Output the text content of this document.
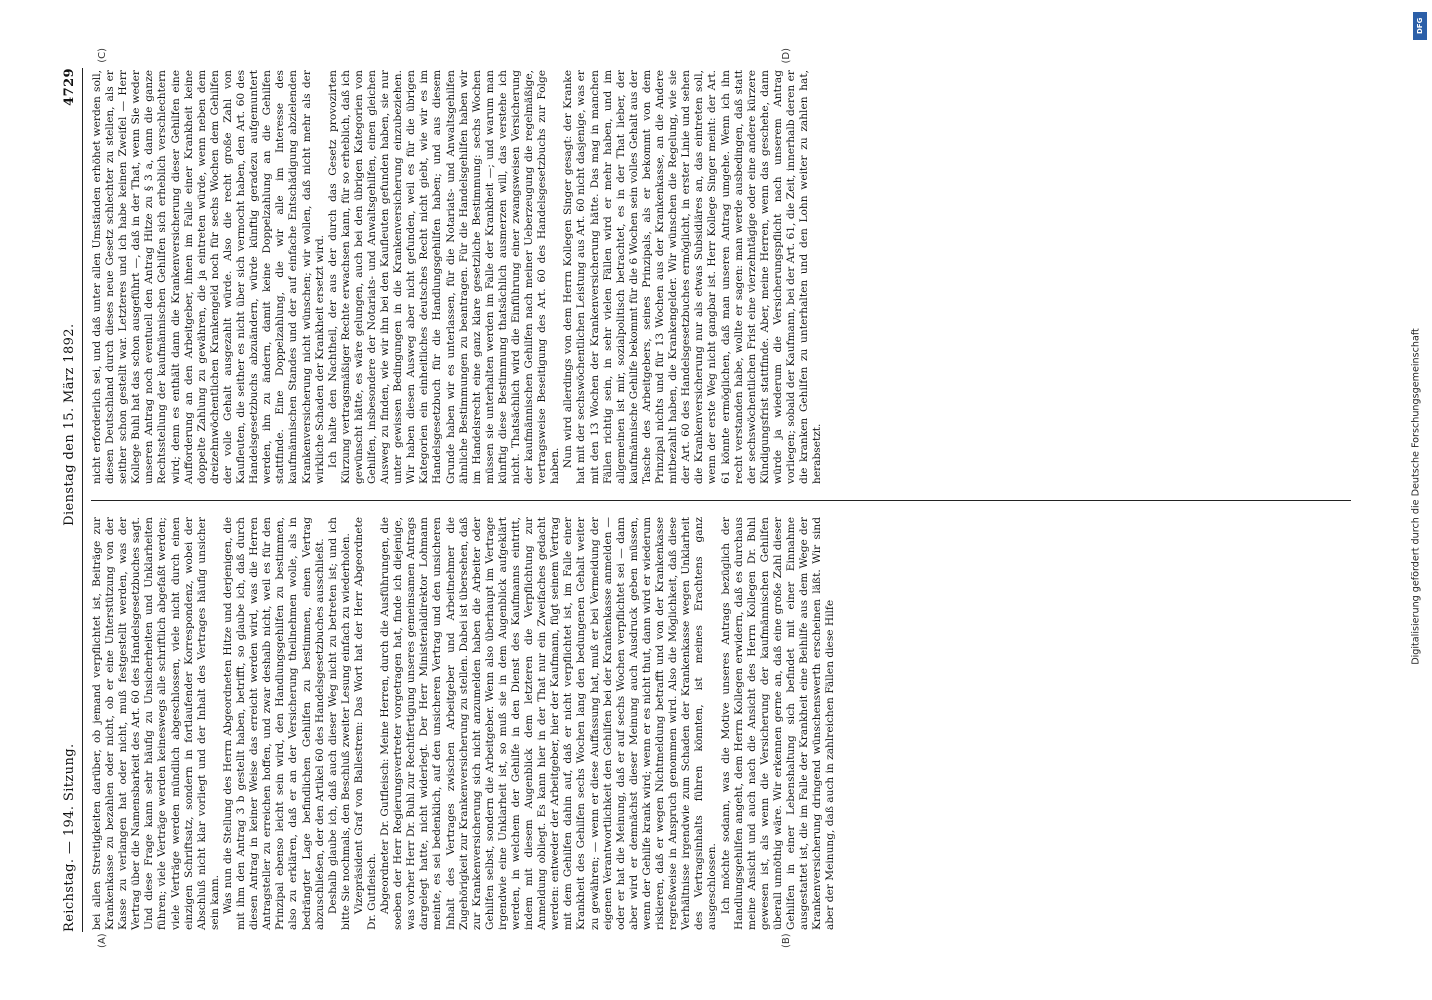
Reichstag. — 194. Sitzung.
Dienstag den 15. März 1892.
4729
(A)	(B)
(C)	(D)

bei allen Streitigkeiten darüber, ob jemand verpflichtet ist, Beiträge zur Krankenkasse zu bezahlen oder nicht, ob er eine Unterstützung von der Kasse zu verlangen hat oder nicht, muß festgestellt werden, was der Vertrag über die Namensbarkeit des Art. 60 des Handelsgesetzbuches sagt. Und diese Frage kann sehr häufig zu Unsicherheiten und Unklarheiten führen; viele Verträge werden keineswegs alle schriftlich abgefaßt werden; viele Verträge werden mündlich abgeschlossen, viele nicht durch einen einzigen Schriftsatz, sondern in fortlaufender Korrespondenz, wobei der Abschluß nicht klar vorliegt und der Inhalt des Vertrages häufig unsicher sein kann. Was nun die Stellung des Herrn Abgeordneten Hitze und derjenigen, die mit ihm den Antrag 3 b gestellt haben, betrifft, so glaube ich, daß durch diesen Antrag in keiner Weise das erreicht werden wird, was die Herren Antragsteller zu erreichen hoffen, und zwar deshalb nicht, weil es für den Prinzipal ebenso leicht sein wird, den Handlungsgehilfen zu bestimmen, also zu erklären, daß er an der Versicherung theilnehmen wolle, als in bedrängter Lage befindlichen Gehilfen zu bestimmen, einen Vertrag abzuschließen, der den Artikel 60 des Handelsgesetzbuches ausschließt. Deshalb glaube ich, daß auch dieser Weg nicht zu betreten ist; und ich bitte Sie nochmals, den Beschluß zweiter Lesung einfach zu wiederholen. Vizepräsident Graf von Ballestrem: Das Wort hat der Herr Abgeordnete Dr. Gutfleisch. Abgeordneter Dr. Gutfleisch: Meine Herren, durch die Ausführungen, die soeben der Herr Regierungsvertreter vorgetragen hat, finde ich diejenige, was vorher Herr Dr. Buhl zur Rechtfertigung unseres gemeinsamen Antrags dargelegt hatte, nicht widerlegt. Der Herr Ministerialdirektor Lohmann meinte, es sei bedenklich, auf den unsicheren Vertrag und den unsicheren Inhalt des Vertrages zwischen Arbeitgeber und Arbeitnehmer die Zugehörigkeit zur Krankenversicherung zu stellen. Dabei ist übersehen, daß zur Krankenversicherung sich nicht anzumelden haben die Arbeiter oder Gehilfen selbst, sondern die Arbeitgeber. Wenn also überhaupt im Vertrage irgendwie eine Unklarheit ist, so muß sie in dem Augenblick aufgeklärt werden, in welchem der Gehilfe in den Dienst des Kaufmanns eintritt, indem mit diesem Augenblick dem letzteren die Verpflichtung zur Anmeldung obliegt. Es kann hier in der That nur ein Zweifaches gedacht werden: entweder der Arbeitgeber, hier der Kaufmann, fügt seinem Vertrag mit dem Gehilfen dahin auf, daß er nicht verpflichtet ist, im Falle einer Krankheit des Gehilfen sechs Wochen lang den bedungenen Gehalt weiter zu gewähren; — wenn er diese Auffassung hat, muß er bei Vermeidung der eigenen Verantwortlichkeit den Gehilfen bei der Krankenkasse anmelden — oder er hat die Meinung, daß er auf sechs Wochen verpflichtet sei — dann aber wird er demnächst dieser Meinung auch Ausdruck geben müssen, wenn der Gehilfe krank wird; wenn er es nicht thut, dann wird er wiederum riskieren, daß er wegen Nichtmeldung betrafft und von der Krankenkasse regreßweise in Anspruch genommen wird. Also die Möglichkeit, daß diese Verhältnisse irgendwie zum Schaden der Krankenkasse wegen Unklarheit des Vertragsinhalts führen könnten, ist meines Erachtens ganz ausgeschlossen. Ich möchte sodann, was die Motive unseres Antrags bezüglich der Handlungsgehilfen angeht, dem Herrn Kollegen erwidern, daß es durchaus meine Ansicht und auch nach die Ansicht des Herrn Kollegen Dr. Buhl gewesen ist, als wenn die Versicherung der kaufmännischen Gehilfen überall unnöthig wäre. Wir erkennen gerne an, daß eine große Zahl dieser Gehilfen in einer Lebenshaltung sich befindet mit einer Einnahme ausgestattet ist, die im Falle der Krankheit eine Beihilfe aus dem Wege der Krankenversicherung dringend wünschenswerth erscheinen läßt. Wir sind aber der Meinung, daß auch in zahlreichen Fällen diese Hilfe

nicht erforderlich sei, und daß unter allen Umständen erhöhet werden soll, diesen Deutschland durch dieses neue Gesetz schlechter zu stellen, als er seither schon gestellt war. Letzteres und ich habe keinen Zweifel — Herr Kollege Buhl hat das schon ausgeführt —, daß in der That, wenn Sie weder unseren Antrag noch eventuell den Antrag Hitze zu § 3 a, dann die ganze Rechtsstellung der kaufmännischen Gehilfen sich erheblich verschlechtern wird; denn es enthält dann die Krankenversicherung dieser Gehilfen eine Aufforderung an den Arbeitgeber, ihnen im Falle einer Krankheit keine doppelte Zahlung zu gewähren, die ja eintreten würde, wenn neben dem dreizehnwöchentlichen Krankengeld noch für sechs Wochen dem Gehilfen der volle Gehalt ausgezahlt würde. Also die recht große Zahl von Kaufleuten, die seither es nicht über sich vermocht haben, den Art. 60 des Handelsgesetzbuchs abzuändern, würde künftig geradezu aufgemuntert werden, ihn zu ändern, damit keine Doppelzahlung an die Gehilfen stattfinde. Eine Doppelzahlung, die wir alle im Interesse des kaufmännischen Standes und der auf einfache Entschädigung abzielenden Krankenversicherung nicht wünschen; wir wollen, daß nicht mehr als der wirkliche Schaden der Krankheit ersetzt wird. Ich halte den Nachtheil, der aus der durch das Gesetz provozirten Kürzung vertragsmäßiger Rechte erwachsen kann, für so erheblich, daß ich gewünscht hätte, es wäre gelungen, auch bei den übrigen Kategorien von Gehilfen, insbesondere der Notariats- und Anwaltsgehilfen, einen gleichen Ausweg zu finden, wie wir ihn bei den Kaufleuten gefunden haben, sie nur unter gewissen Bedingungen in die Krankenversicherung einzubeziehen. Wir haben diesen Ausweg aber nicht gefunden, weil es für die übrigen Kategorien ein einheitliches deutsches Recht nicht giebt, wie wir es im Handelsgesetzbuch für die Handlungsgehilfen haben; und aus diesem Grunde haben wir es unterlassen, für die Notariats- und Anwaltsgehilfen ähnliche Bestimmungen zu beantragen. Für die Handelsgehilfen haben wir im Handelsrecht eine ganz klare gesetzliche Bestimmung: sechs Wochen müssen sie unterhalten werden im Falle der Krankheit —; und warum man künftig diese Bestimmung thatsächlich ausmerzen will, das verstehe ich nicht. Thatsächlich wird die Einführung einer zwangsweisen Versicherung der kaufmännischen Gehilfen nach meiner Ueberzeugung die regelmäßige, vertragsweise Beseitigung des Art. 60 des Handelsgesetzbuchs zur Folge haben. Nun wird allerdings von dem Herrn Kollegen Singer gesagt: der Kranke hat mit der sechswöchentlichen Leistung aus Art. 60 nicht dasjenige, was er mit den 13 Wochen der Krankenversicherung hätte. Das mag in manchen Fällen richtig sein, in sehr vielen Fällen wird er mehr haben, und im allgemeinen ist mir, sozialpolitisch betrachtet, es in der That lieber, der kaufmännische Gehilfe bekommt für die 6 Wochen sein volles Gehalt aus der Tasche des Arbeitgebers, seines Prinzipals, als er bekommt von dem Prinzipal nichts und für 13 Wochen aus der Krankenkasse, an die Andere mitbezahlt haben, die Krankengelder. Wir wünschen die Regelung, wie sie der Art. 60 des Handelsgesetzbuches ermöglicht, in erster Linie und sehen die Krankenversicherung nur als etwas Subsidiäres an, das eintreten soll, wenn der erste Weg nicht gangbar ist. Herr Kollege Singer meint: der Art. 61 könnte ermöglichen, daß man unseren Antrag umgehe. Wenn ich ihn recht verstanden habe, wollte er sagen: man werde ausbedingen, daß statt der sechswöchentlichen Frist eine vierzehntägige oder eine andere kürzere Kündigungsfrist stattfinde. Aber, meine Herren, wenn das geschehe, dann würde ja wiederum die Versicherungspflicht nach unserem Antrag vorliegen; sobald der Kaufmann, bei der Art. 61, die Zeit, innerhalb deren er die kranken Gehilfen zu unterhalten und den Lohn weiter zu zahlen hat, herabsetzt.	Digitalisierung gefördert durch die Deutsche Forschungsgemeinschaft
DFG
